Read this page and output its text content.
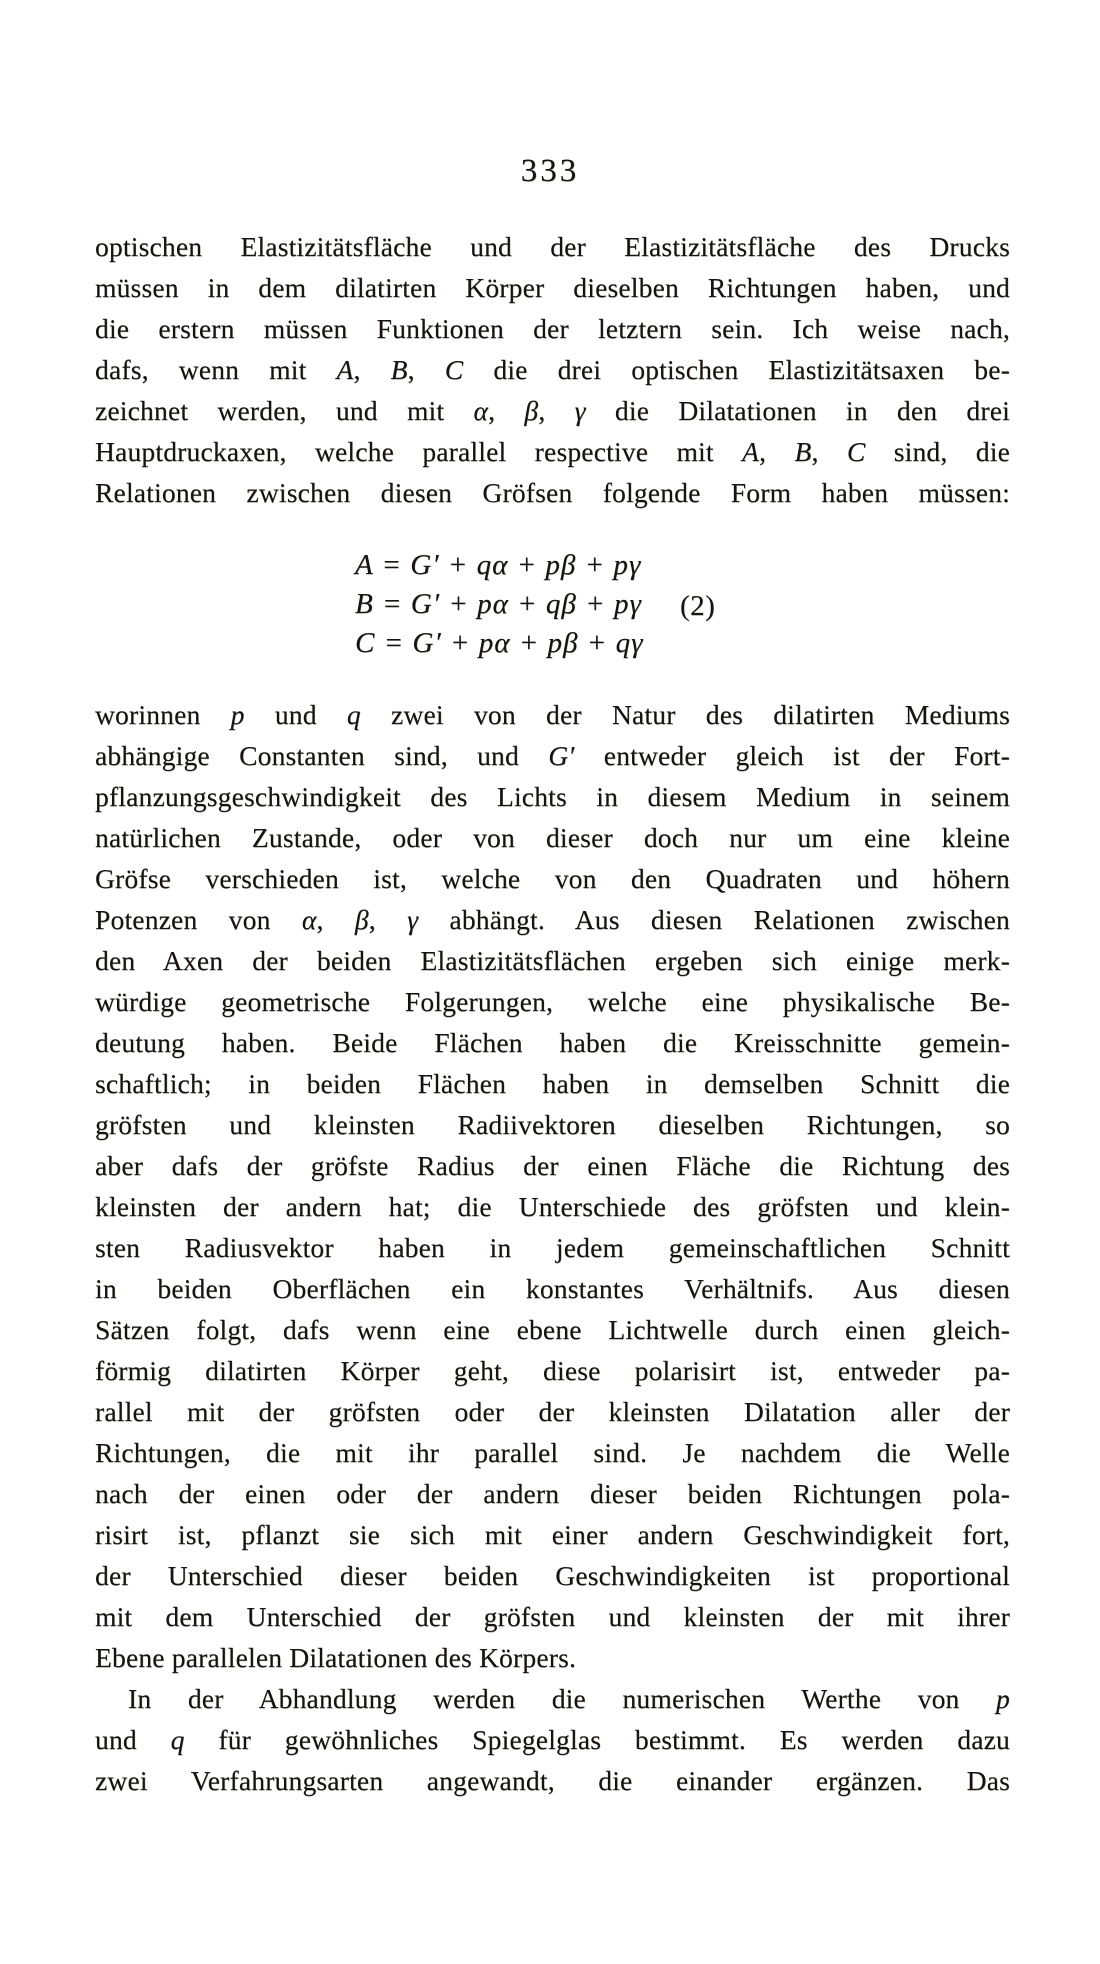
333
optischen Elastizitätsfläche und der Elastizitätsfläche des Drucks
müssen in dem dilatirten Körper dieselben Richtungen haben, und
die erstern müssen Funktionen der letztern sein. Ich weise nach,
dafs, wenn mit A, B, C die drei optischen Elastizitätsaxen be-
zeichnet werden, und mit α, β, γ die Dilatationen in den drei
Hauptdruckaxen, welche parallel respective mit A, B, C sind, die
Relationen zwischen diesen Gröfsen folgende Form haben müssen:
A = G′ + qα + pβ + pγ
B = G′ + pα + qβ + pγ
C = G′ + pα + pβ + qγ
(2)
worinnen p und q zwei von der Natur des dilatirten Mediums
abhängige Constanten sind, und G′ entweder gleich ist der Fort-
pflanzungsgeschwindigkeit des Lichts in diesem Medium in seinem
natürlichen Zustande, oder von dieser doch nur um eine kleine
Gröfse verschieden ist, welche von den Quadraten und höhern
Potenzen von α, β, γ abhängt. Aus diesen Relationen zwischen
den Axen der beiden Elastizitätsflächen ergeben sich einige merk-
würdige geometrische Folgerungen, welche eine physikalische Be-
deutung haben. Beide Flächen haben die Kreisschnitte gemein-
schaftlich; in beiden Flächen haben in demselben Schnitt die
gröfsten und kleinsten Radiivektoren dieselben Richtungen, so
aber dafs der gröfste Radius der einen Fläche die Richtung des
kleinsten der andern hat; die Unterschiede des gröfsten und klein-
sten Radiusvektor haben in jedem gemeinschaftlichen Schnitt
in beiden Oberflächen ein konstantes Verhältnifs. Aus diesen
Sätzen folgt, dafs wenn eine ebene Lichtwelle durch einen gleich-
förmig dilatirten Körper geht, diese polarisirt ist, entweder pa-
rallel mit der gröfsten oder der kleinsten Dilatation aller der
Richtungen, die mit ihr parallel sind. Je nachdem die Welle
nach der einen oder der andern dieser beiden Richtungen pola-
risirt ist, pflanzt sie sich mit einer andern Geschwindigkeit fort,
der Unterschied dieser beiden Geschwindigkeiten ist proportional
mit dem Unterschied der gröfsten und kleinsten der mit ihrer
Ebene parallelen Dilatationen des Körpers.
In der Abhandlung werden die numerischen Werthe von p
und q für gewöhnliches Spiegelglas bestimmt. Es werden dazu
zwei Verfahrungsarten angewandt, die einander ergänzen. Das
